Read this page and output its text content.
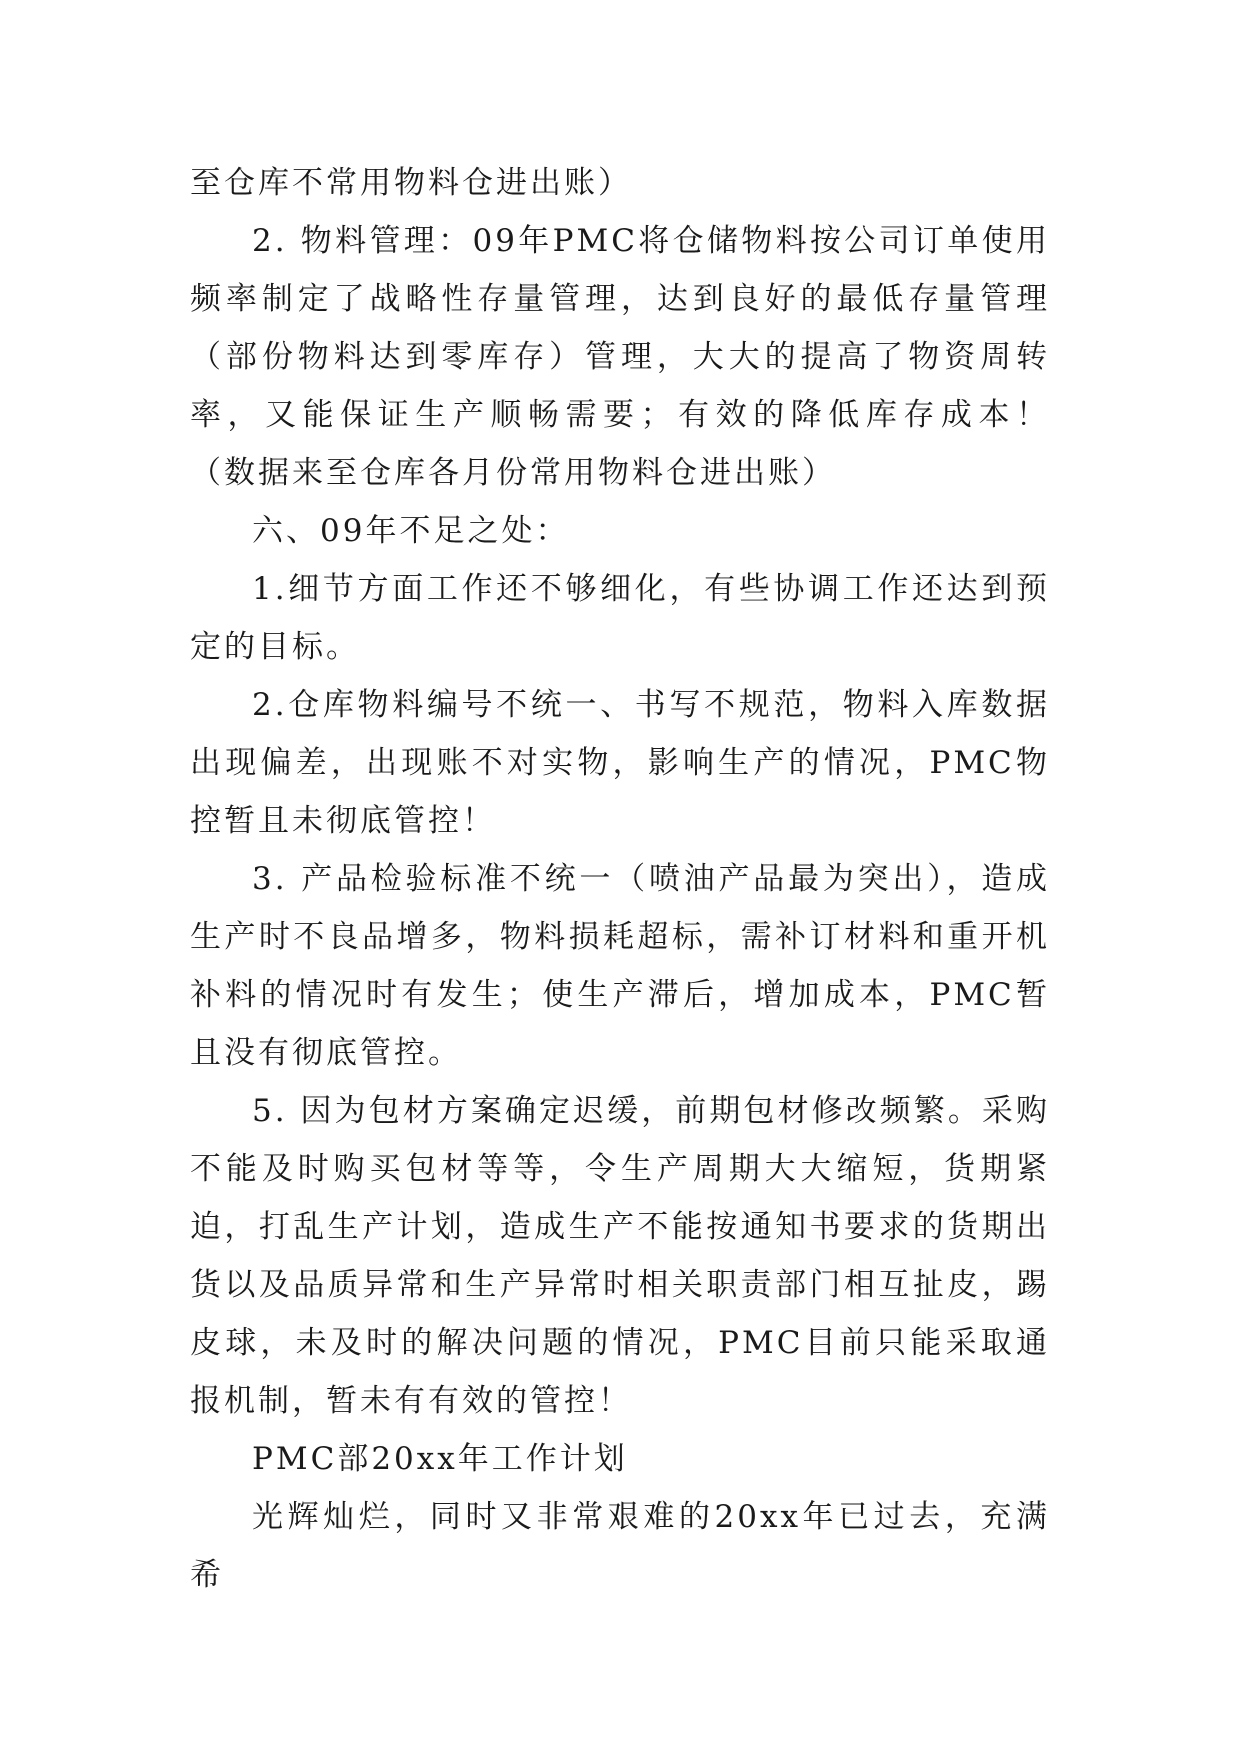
至仓库不常用物料仓进出账）

2. 物料管理：09年PMC将仓储物料按公司订单使用频率制定了战略性存量管理，达到良好的最低存量管理（部份物料达到零库存）管理，大大的提高了物资周转率，又能保证生产顺畅需要；有效的降低库存成本！ （数据来至仓库各月份常用物料仓进出账）

六、09年不足之处：

1.细节方面工作还不够细化，有些协调工作还达到预定的目标。

2.仓库物料编号不统一、书写不规范，物料入库数据出现偏差，出现账不对实物，影响生产的情况，PMC物控暂且未彻底管控！

3. 产品检验标准不统一（喷油产品最为突出），造成生产时不良品增多，物料损耗超标，需补订材料和重开机补料的情况时有发生；使生产滞后，增加成本，PMC暂且没有彻底管控。

5. 因为包材方案确定迟缓，前期包材修改频繁。采购不能及时购买包材等等，令生产周期大大缩短，货期紧迫，打乱生产计划，造成生产不能按通知书要求的货期出货以及品质异常和生产异常时相关职责部门相互扯皮，踢皮球，未及时的解决问题的情况，PMC目前只能采取通报机制，暂未有有效的管控！

PMC部20xx年工作计划

光辉灿烂，同时又非常艰难的20xx年已过去，充满希
